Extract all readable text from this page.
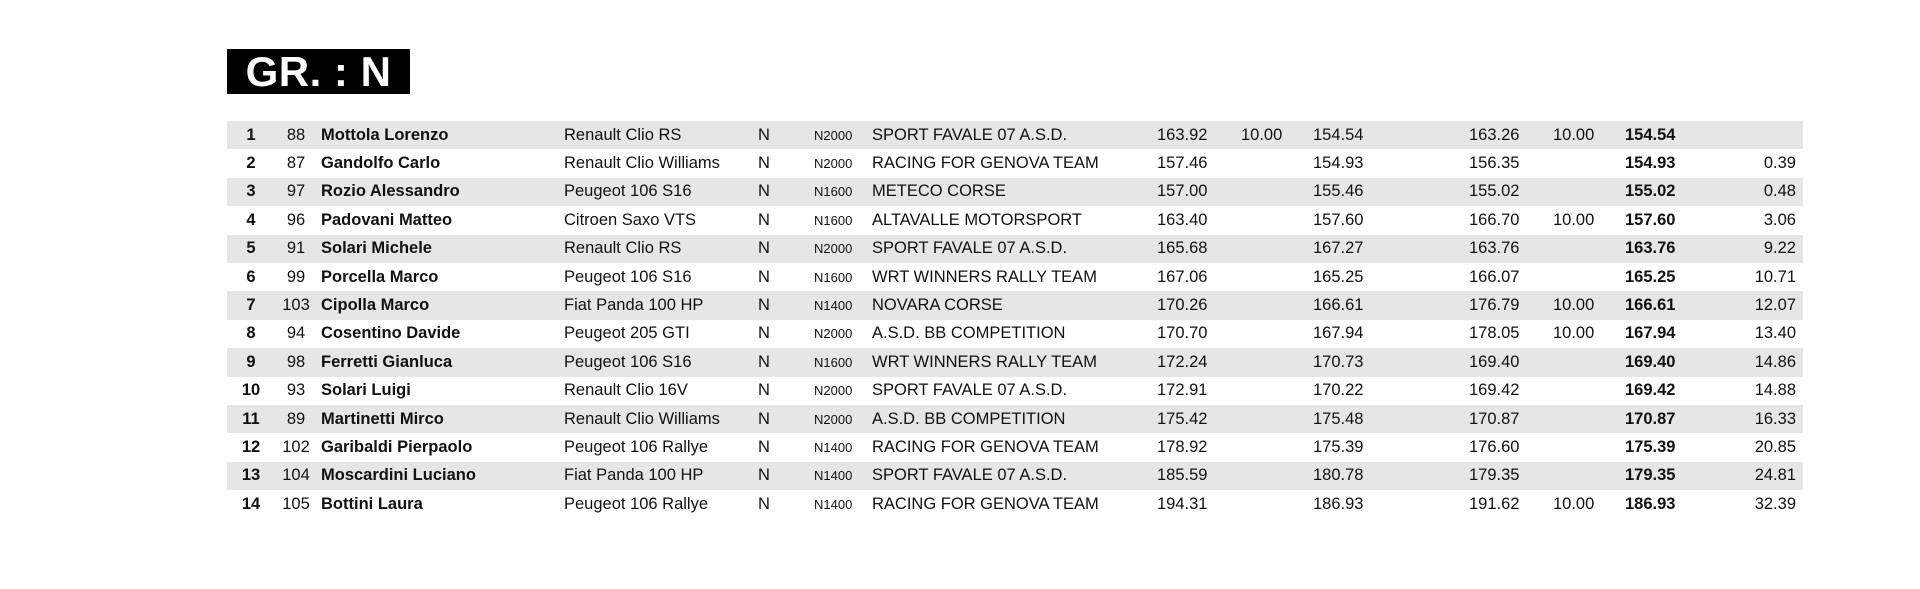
GR. : N
1	88	Mottola Lorenzo	Renault Clio RS	N	N2000	SPORT FAVALE 07 A.S.D.	163.92	10.00	154.54		163.26	10.00	154.54	
2	87	Gandolfo Carlo	Renault Clio Williams	N	N2000	RACING FOR GENOVA TEAM	157.46		154.93		156.35		154.93	0.39
3	97	Rozio Alessandro	Peugeot 106 S16	N	N1600	METECO CORSE	157.00		155.46		155.02		155.02	0.48
4	96	Padovani Matteo	Citroen Saxo VTS	N	N1600	ALTAVALLE MOTORSPORT	163.40		157.60		166.70	10.00	157.60	3.06
5	91	Solari Michele	Renault Clio RS	N	N2000	SPORT FAVALE 07 A.S.D.	165.68		167.27		163.76		163.76	9.22
6	99	Porcella Marco	Peugeot 106 S16	N	N1600	WRT WINNERS RALLY TEAM	167.06		165.25		166.07		165.25	10.71
7	103	Cipolla Marco	Fiat Panda 100 HP	N	N1400	NOVARA CORSE	170.26		166.61		176.79	10.00	166.61	12.07
8	94	Cosentino Davide	Peugeot 205 GTI	N	N2000	A.S.D. BB COMPETITION	170.70		167.94		178.05	10.00	167.94	13.40
9	98	Ferretti Gianluca	Peugeot 106 S16	N	N1600	WRT WINNERS RALLY TEAM	172.24		170.73		169.40		169.40	14.86
10	93	Solari Luigi	Renault Clio 16V	N	N2000	SPORT FAVALE 07 A.S.D.	172.91		170.22		169.42		169.42	14.88
11	89	Martinetti Mirco	Renault Clio Williams	N	N2000	A.S.D. BB COMPETITION	175.42		175.48		170.87		170.87	16.33
12	102	Garibaldi Pierpaolo	Peugeot 106 Rallye	N	N1400	RACING FOR GENOVA TEAM	178.92		175.39		176.60		175.39	20.85
13	104	Moscardini Luciano	Fiat Panda 100 HP	N	N1400	SPORT FAVALE 07 A.S.D.	185.59		180.78		179.35		179.35	24.81
14	105	Bottini Laura	Peugeot 106 Rallye	N	N1400	RACING FOR GENOVA TEAM	194.31		186.93		191.62	10.00	186.93	32.39
